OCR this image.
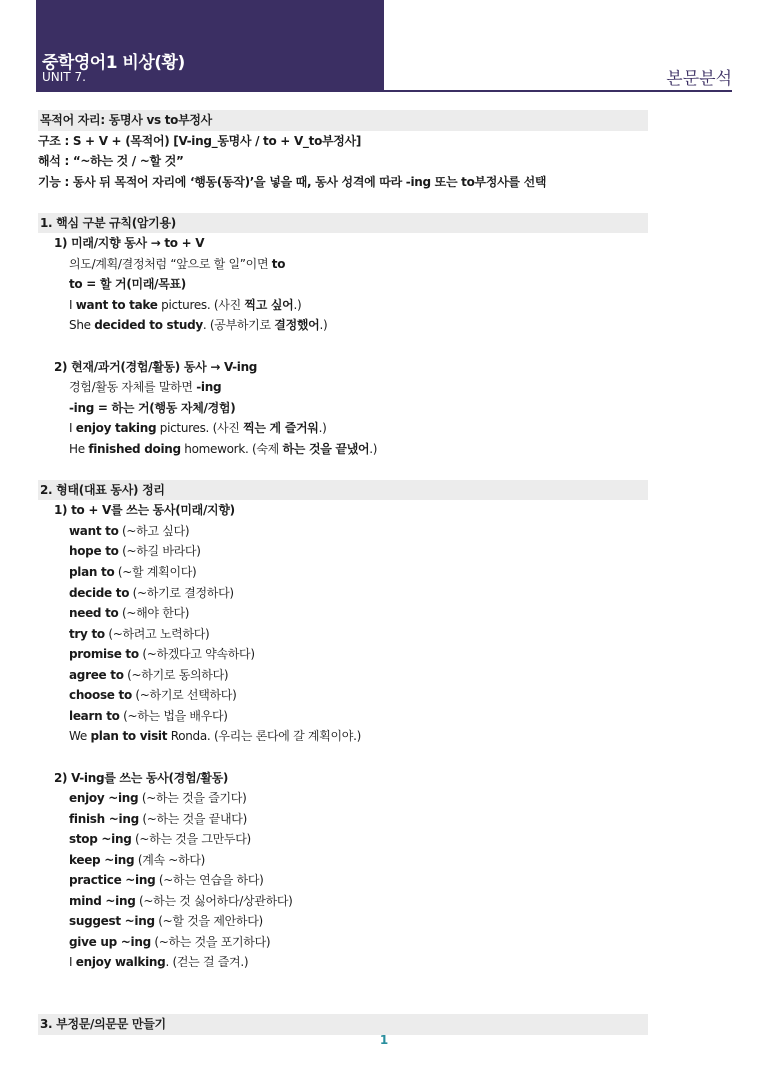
중학영어1 비상(황)
UNIT 7.	본문분석
목적어 자리: 동명사 vs to부정사
구조 : S + V + (목적어) [V-ing_동명사 / to + V_to부정사]
해석 : “~하는 것 / ~할 것”
기능 : 동사 뒤 목적어 자리에 ‘행동(동작)’을 넣을 때, 동사 성격에 따라 -ing 또는 to부정사를 선택
1. 핵심 구분 규칙(암기용)
1) 미래/지향 동사 → to + V
의도/계획/결정처럼 “앞으로 할 일”이면 to
to = 할 거(미래/목표)
I want to take pictures. (사진 찍고 싶어.)
She decided to study. (공부하기로 결정했어.)
2) 현재/과거(경험/활동) 동사 → V-ing
경험/활동 자체를 말하면 -ing
-ing = 하는 거(행동 자체/경험)
I enjoy taking pictures. (사진 찍는 게 즐거워.)
He finished doing homework. (숙제 하는 것을 끝냈어.)
2. 형태(대표 동사) 정리
1) to + V를 쓰는 동사(미래/지향)
want to (~하고 싶다)
hope to (~하길 바라다)
plan to (~할 계획이다)
decide to (~하기로 결정하다)
need to (~해야 한다)
try to (~하려고 노력하다)
promise to (~하겠다고 약속하다)
agree to (~하기로 동의하다)
choose to (~하기로 선택하다)
learn to (~하는 법을 배우다)
We plan to visit Ronda. (우리는 론다에 갈 계획이야.)
2) V-ing를 쓰는 동사(경험/활동)
enjoy ~ing (~하는 것을 즐기다)
finish ~ing (~하는 것을 끝내다)
stop ~ing (~하는 것을 그만두다)
keep ~ing (계속 ~하다)
practice ~ing (~하는 연습을 하다)
mind ~ing (~하는 것 싫어하다/상관하다)
suggest ~ing (~할 것을 제안하다)
give up ~ing (~하는 것을 포기하다)
I enjoy walking. (걷는 걸 즐겨.)
3. 부정문/의문문 만들기
1
